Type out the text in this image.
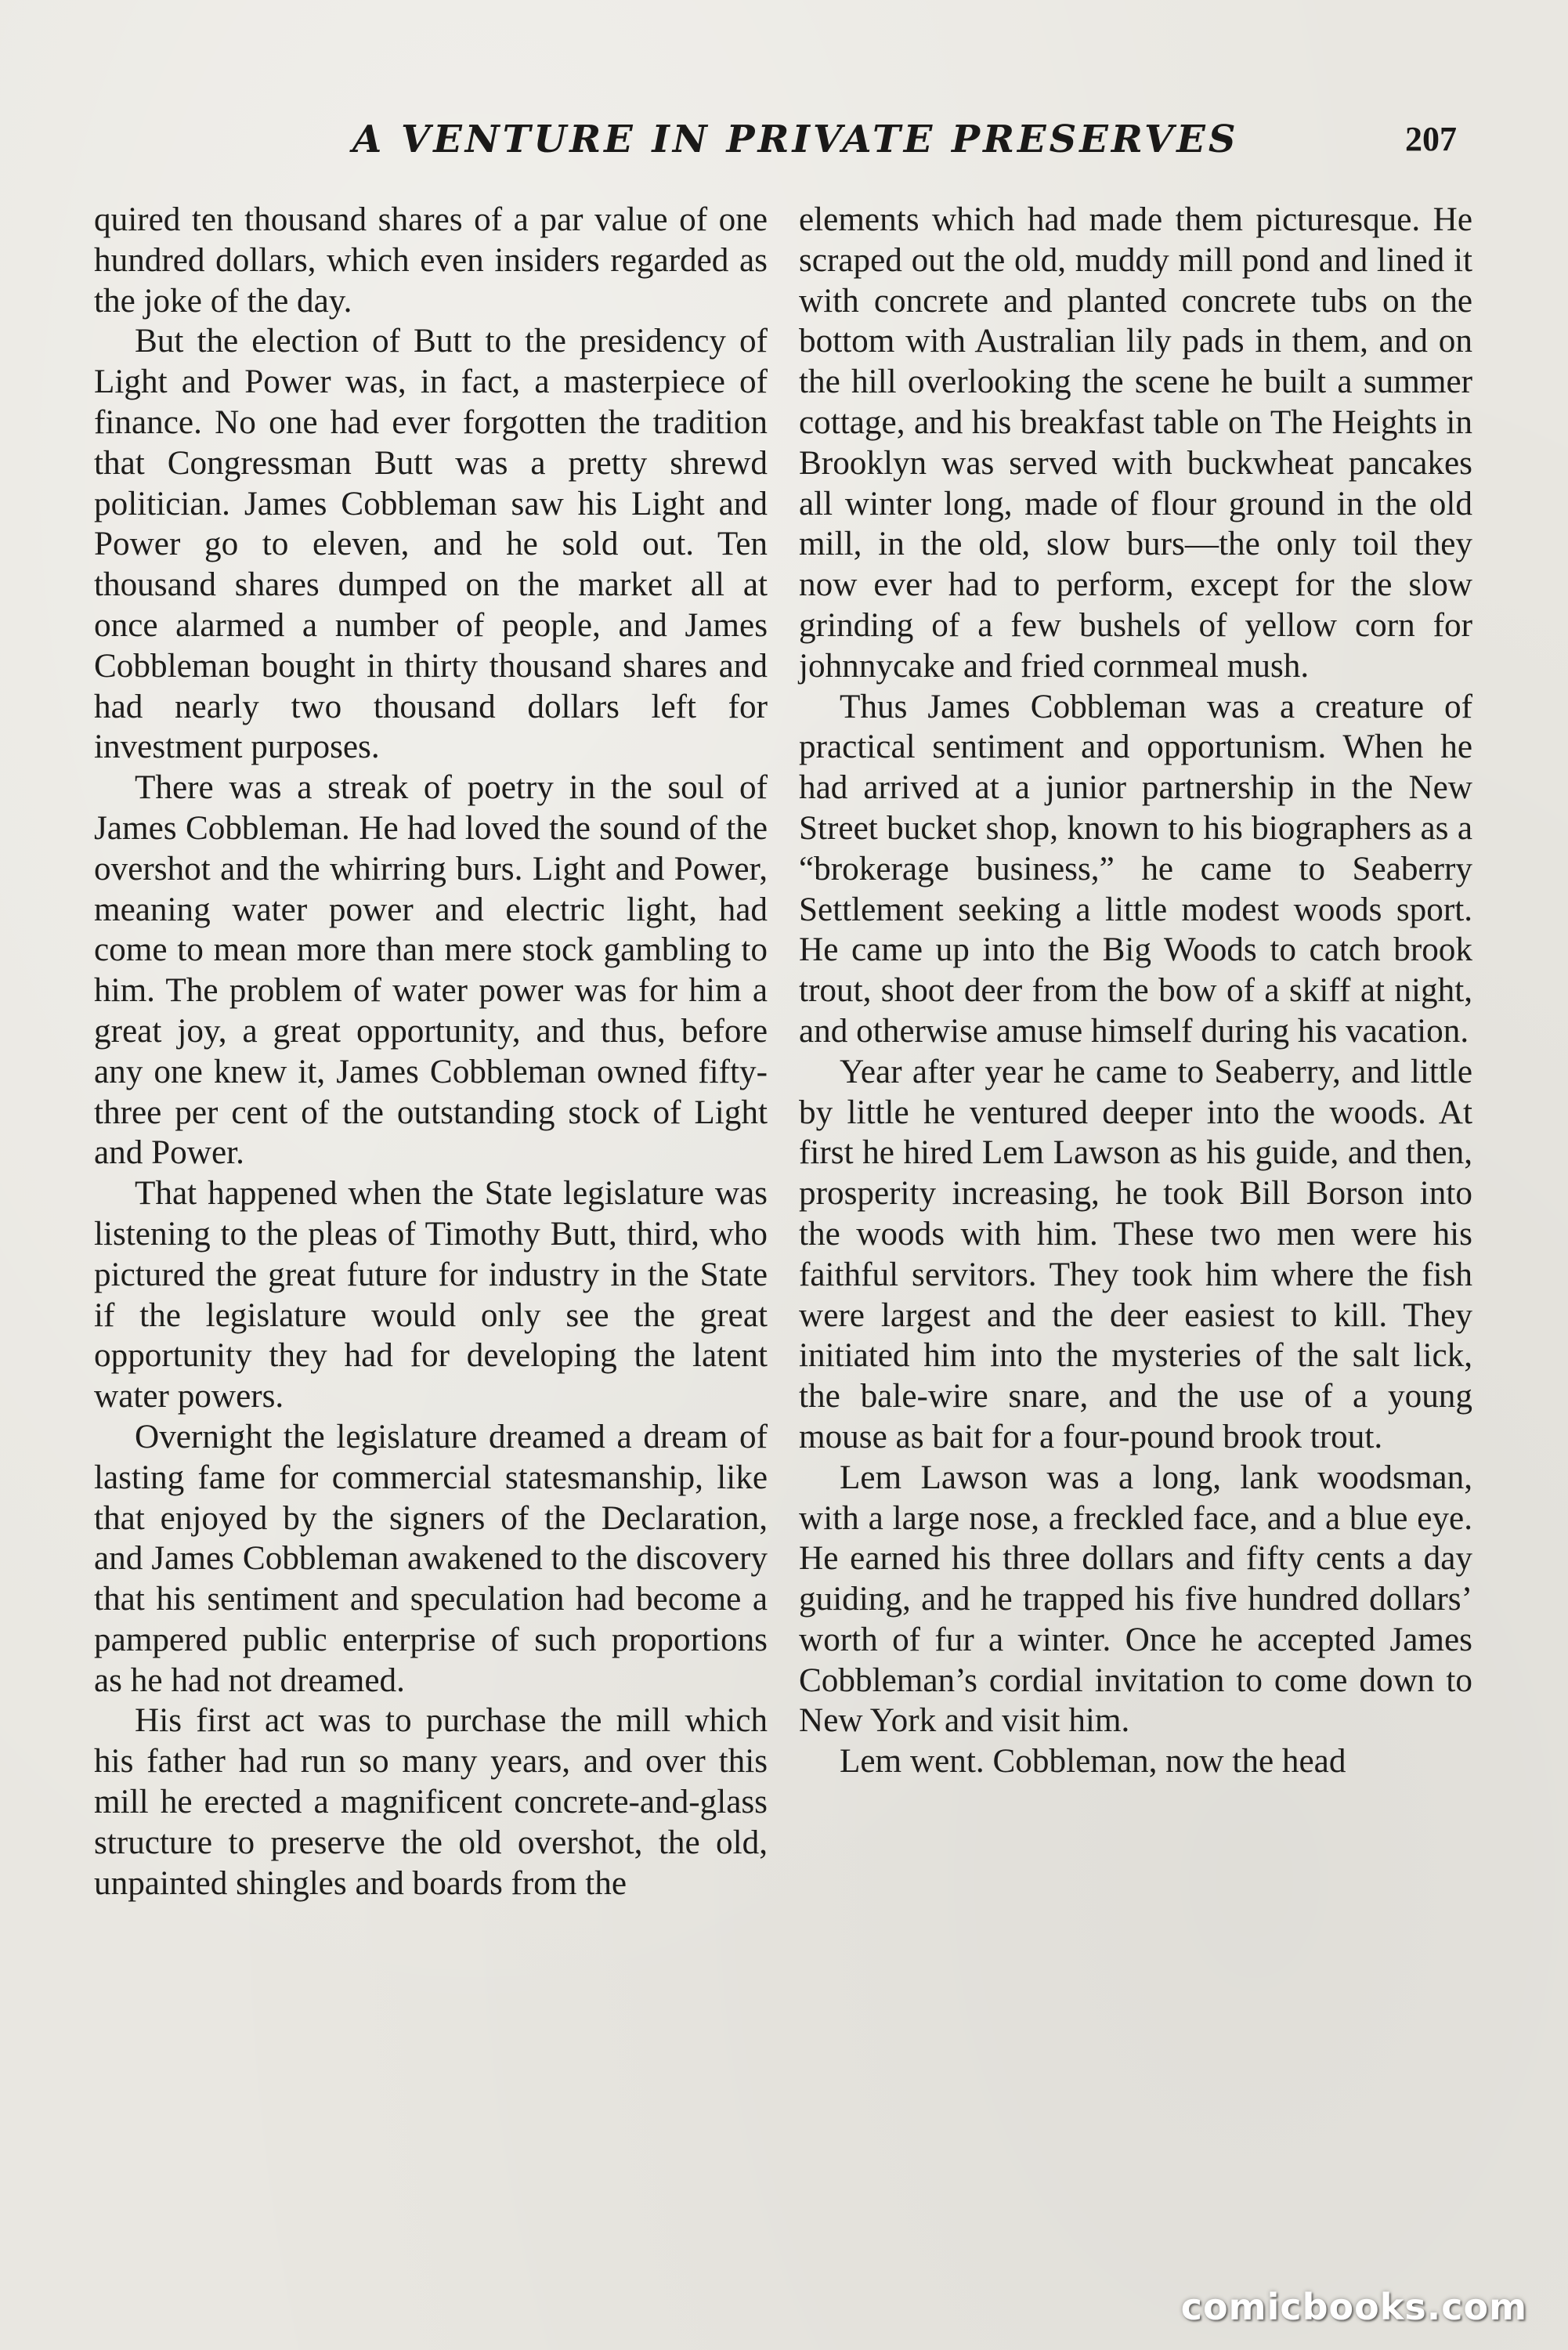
A VENTURE IN PRIVATE PRESERVES	207

quired ten thousand shares of a par value of one hundred dollars, which even insiders regarded as the joke of the day.

But the election of Butt to the presidency of Light and Power was, in fact, a masterpiece of finance. No one had ever forgotten the tradition that Congressman Butt was a pretty shrewd politician. James Cobbleman saw his Light and Power go to eleven, and he sold out. Ten thousand shares dumped on the market all at once alarmed a number of people, and James Cobbleman bought in thirty thousand shares and had nearly two thousand dollars left for investment purposes.

There was a streak of poetry in the soul of James Cobbleman. He had loved the sound of the overshot and the whirring burs. Light and Power, meaning water power and electric light, had come to mean more than mere stock gambling to him. The problem of water power was for him a great joy, a great opportunity, and thus, before any one knew it, James Cobbleman owned fifty-three per cent of the outstanding stock of Light and Power.

That happened when the State legislature was listening to the pleas of Timothy Butt, third, who pictured the great future for industry in the State if the legislature would only see the great opportunity they had for developing the latent water powers.

Overnight the legislature dreamed a dream of lasting fame for commercial statesmanship, like that enjoyed by the signers of the Declaration, and James Cobbleman awakened to the discovery that his sentiment and speculation had become a pampered public enterprise of such proportions as he had not dreamed.

His first act was to purchase the mill which his father had run so many years, and over this mill he erected a magnificent concrete-and-glass structure to preserve the old overshot, the old, unpainted shingles and boards from the

elements which had made them picturesque. He scraped out the old, muddy mill pond and lined it with concrete and planted concrete tubs on the bottom with Australian lily pads in them, and on the hill overlooking the scene he built a summer cottage, and his breakfast table on The Heights in Brooklyn was served with buckwheat pancakes all winter long, made of flour ground in the old mill, in the old, slow burs—the only toil they now ever had to perform, except for the slow grinding of a few bushels of yellow corn for johnnycake and fried cornmeal mush.

Thus James Cobbleman was a creature of practical sentiment and opportunism. When he had arrived at a junior partnership in the New Street bucket shop, known to his biographers as a “brokerage business,” he came to Seaberry Settlement seeking a little modest woods sport. He came up into the Big Woods to catch brook trout, shoot deer from the bow of a skiff at night, and otherwise amuse himself during his vacation.

Year after year he came to Seaberry, and little by little he ventured deeper into the woods. At first he hired Lem Lawson as his guide, and then, prosperity increasing, he took Bill Borson into the woods with him. These two men were his faithful servitors. They took him where the fish were largest and the deer easiest to kill. They initiated him into the mysteries of the salt lick, the bale-wire snare, and the use of a young mouse as bait for a four-pound brook trout.

Lem Lawson was a long, lank woodsman, with a large nose, a freckled face, and a blue eye. He earned his three dollars and fifty cents a day guiding, and he trapped his five hundred dollars’ worth of fur a winter. Once he accepted James Cobbleman’s cordial invitation to come down to New York and visit him.

Lem went. Cobbleman, now the head

comicbooks.com
